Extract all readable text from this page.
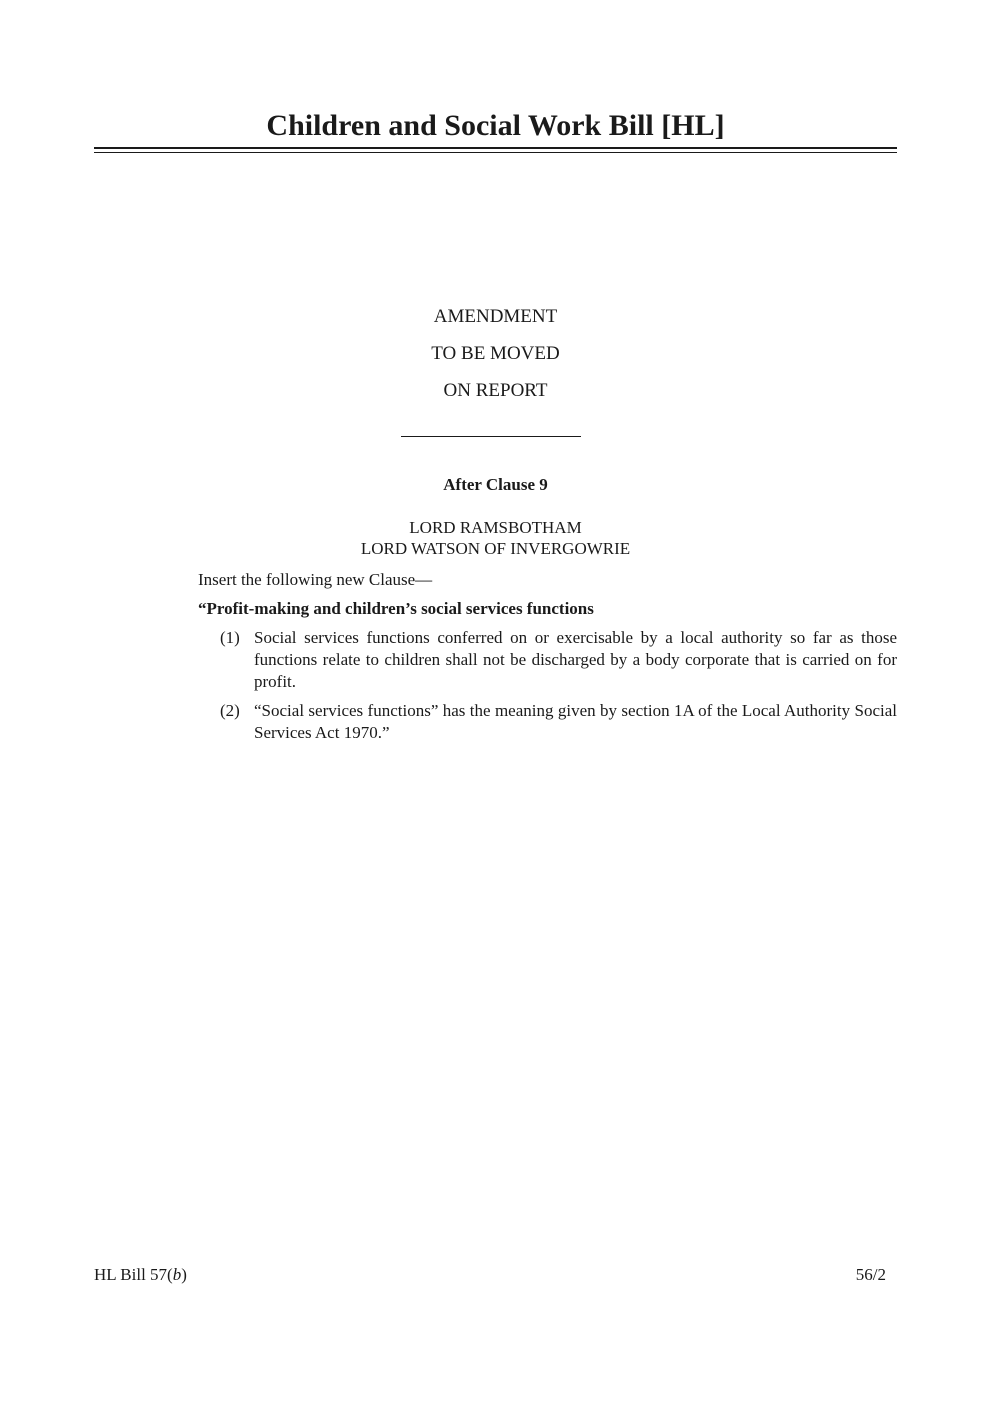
Children and Social Work Bill [HL]
AMENDMENT
TO BE MOVED
ON REPORT
After Clause 9
LORD RAMSBOTHAM
LORD WATSON OF INVERGOWRIE
Insert the following new Clause—
“Profit-making and children’s social services functions
(1) Social services functions conferred on or exercisable by a local authority so far as those functions relate to children shall not be discharged by a body corporate that is carried on for profit.
(2) “Social services functions” has the meaning given by section 1A of the Local Authority Social Services Act 1970.”
HL Bill 57(b)	56/2
